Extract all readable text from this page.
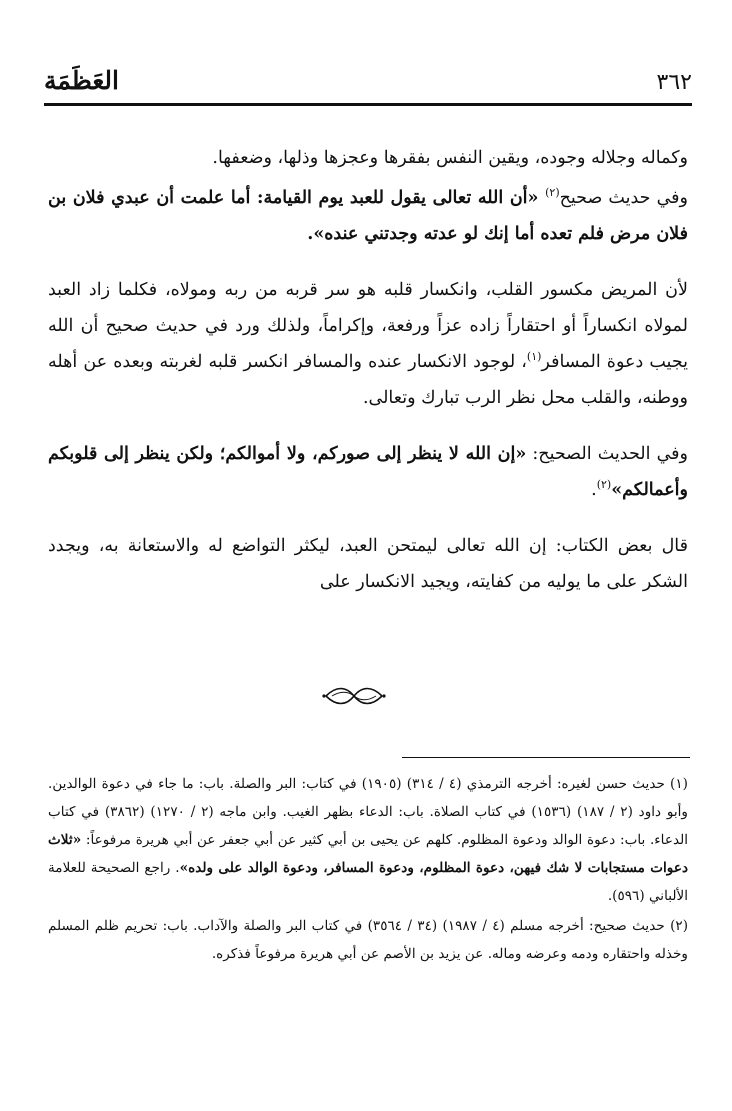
٣٦٢
العَظَمَة

وكماله وجلاله وجوده، ويقين النفس بفقرها وعجزها وذلها، وضعفها.

وفي حديث صحيح$^{(٢)}$ «أن الله تعالى يقول للعبد يوم القيامة: أما علمت أن عبدي فلان بن فلان مرض فلم تعده أما إنك لو عدته وجدتني عنده».

لأن المريض مكسور القلب، وانكسار قلبه هو سر قربه من ربه ومولاه، فكلما زاد العبد لمولاه انكساراً أو احتقاراً زاده عزاً ورفعة، وإكراماً، ولذلك ورد في حديث صحيح أن الله يجيب دعوة المسافر$^{(١)}$، لوجود الانكسار عنده والمسافر انكسر قلبه لغربته وبعده عن أهله ووطنه، والقلب محل نظر الرب تبارك وتعالى.

وفي الحديث الصحيح: «إن الله لا ينظر إلى صوركم، ولا أموالكم؛ ولكن ينظر إلى قلوبكم وأعمالكم»$^{(٢)}$.

قال بعض الكتاب: إن الله تعالى ليمتحن العبد، ليكثر التواضع له والاستعانة به، ويجدد الشكر على ما يوليه من كفايته، ويجيد الانكسار على

(١) حديث حسن لغيره: أخرجه الترمذي (٤ / ٣١٤) (١٩٠٥) في كتاب: البر والصلة. باب: ما جاء في دعوة الوالدين. وأبو داود (٢ / ١٨٧) (١٥٣٦) في كتاب الصلاة. باب: الدعاء بظهر الغيب. وابن ماجه (٢ / ١٢٧٠) (٣٨٦٢) في كتاب الدعاء. باب: دعوة الوالد ودعوة المظلوم. كلهم عن يحيى بن أبي كثير عن أبي جعفر عن أبي هريرة مرفوعاً: «ثلاث دعوات مستجابات لا شك فيهن، دعوة المظلوم، ودعوة المسافر، ودعوة الوالد على ولده». راجع الصحيحة للعلامة الألباني (٥٩٦).

(٢) حديث صحيح: أخرجه مسلم (٤ / ١٩٨٧) (٣٤ / ٣٥٦٤) في كتاب البر والصلة والآداب. باب: تحريم ظلم المسلم وخذله واحتقاره ودمه وعرضه وماله. عن يزيد بن الأصم عن أبي هريرة مرفوعاً فذكره.
